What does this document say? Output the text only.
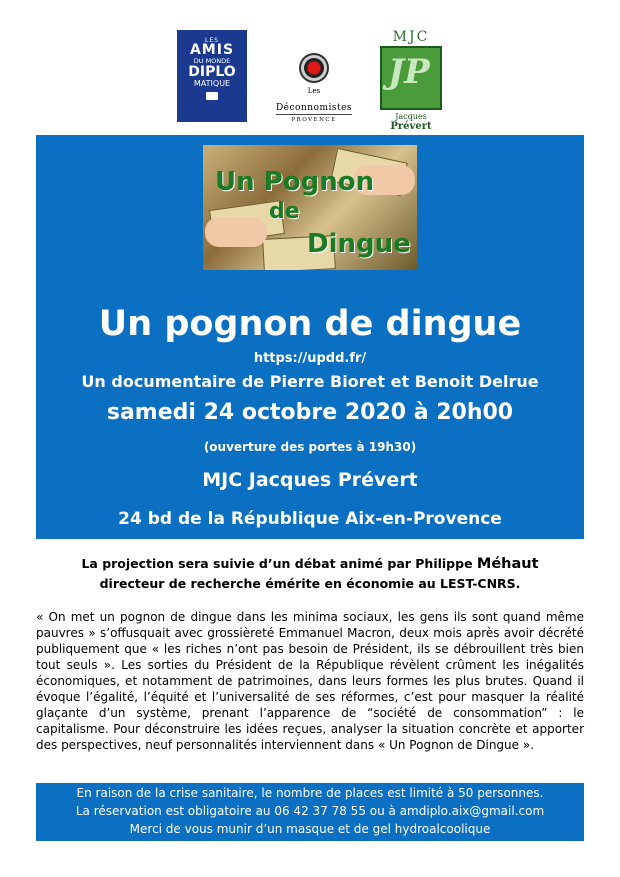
LES
AMIS
DU MONDE
DIPLO
MATIQUE
Les
Déconnomistes
PROVENCE
MJC
JP
Jacques Prévert
Un Pognon
de
Dingue
Un pognon de dingue
https://updd.fr/
Un documentaire de Pierre Bioret et Benoit Delrue
samedi 24 octobre 2020 à 20h00
(ouverture des portes à 19h30)
MJC Jacques Prévert
24 bd de la République Aix-en-Provence
La projection sera suivie d’un débat animé par Philippe Méhaut
directeur de recherche émérite en économie au LEST-CNRS.
« On met un pognon de dingue dans les minima sociaux, les gens ils sont quand même pauvres » s’offusquait avec grossièreté Emmanuel Macron, deux mois après avoir décrété publiquement que « les riches n’ont pas besoin de Président, ils se débrouillent très bien tout seuls ». Les sorties du Président de la République révèlent crûment les inégalités économiques, et notamment de patrimoines, dans leurs formes les plus brutes. Quand il évoque l’égalité, l’équité et l’universalité de ses réformes, c’est pour masquer la réalité glaçante d’un système, prenant l’apparence de “société de consommation” : le capitalisme. Pour déconstruire les idées reçues, analyser la situation concrète et apporter des perspectives, neuf personnalités interviennent dans « Un Pognon de Dingue ».
En raison de la crise sanitaire, le nombre de places est limité à 50 personnes.
La réservation est obligatoire au 06 42 37 78 55 ou à amdiplo.aix@gmail.com
Merci de vous munir d’un masque et de gel hydroalcoolique
